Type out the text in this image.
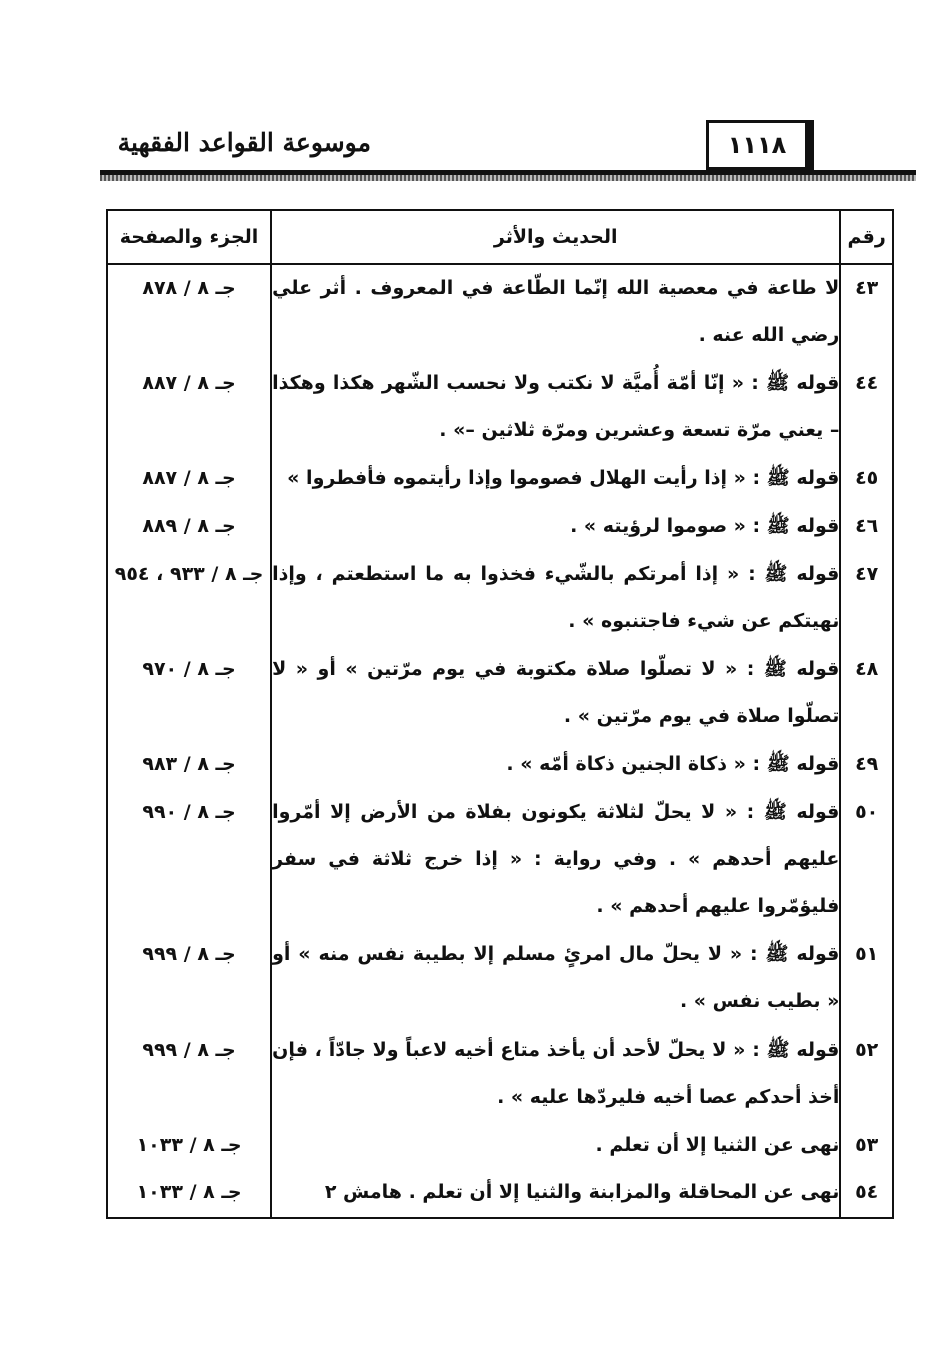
موسوعة القواعد الفقهية	١١١٨
رقم	الحديث والأثر	الجزء والصفحة
٤٣	لا طاعة في معصية الله إنّما الطّاعة في المعروف . أثر علي رضي الله عنه .	جـ ٨ / ٨٧٨
٤٤	قوله ﷺ : « إنّا أمّة أُميَّة لا نكتب ولا نحسب الشّهر هكذا وهكذا – يعني مرّة تسعة وعشرين ومرّة ثلاثين –» .	جـ ٨ / ٨٨٧
٤٥	قوله ﷺ : « إذا رأيت الهلال فصوموا وإذا رأيتموه فأفطروا »	جـ ٨ / ٨٨٧
٤٦	قوله ﷺ : « صوموا لرؤيته » .	جـ ٨ / ٨٨٩
٤٧	قوله ﷺ : « إذا أمرتكم بالشّيء فخذوا به ما استطعتم ، وإذا نهيتكم عن شيء فاجتنبوه » .	جـ ٨ / ٩٣٣ ، ٩٥٤
٤٨	قوله ﷺ : « لا تصلّوا صلاة مكتوبة في يوم مرّتين » أو « لا تصلّوا صلاة في يوم مرّتين » .	جـ ٨ / ٩٧٠
٤٩	قوله ﷺ : « ذكاة الجنين ذكاة أمّه » .	جـ ٨ / ٩٨٣
٥٠	قوله ﷺ : « لا يحلّ لثلاثة يكونون بفلاة من الأرض إلا أمّروا عليهم أحدهم » . وفي رواية : « إذا خرج ثلاثة في سفر فليؤمّروا عليهم أحدهم » .	جـ ٨ / ٩٩٠
٥١	قوله ﷺ : « لا يحلّ مال امرئٍ مسلم إلا بطيبة نفس منه » أو « بطيب نفس » .	جـ ٨ / ٩٩٩
٥٢	قوله ﷺ : « لا يحلّ لأحد أن يأخذ متاع أخيه لاعباً ولا جادّاً ، فإن أخذ أحدكم عصا أخيه فليردّها عليه » .	جـ ٨ / ٩٩٩
٥٣	نهى عن الثنيا إلا أن تعلم .	جـ ٨ / ١٠٣٣
٥٤	نهى عن المحاقلة والمزابنة والثنيا إلا أن تعلم . هامش ٢	جـ ٨ / ١٠٣٣
